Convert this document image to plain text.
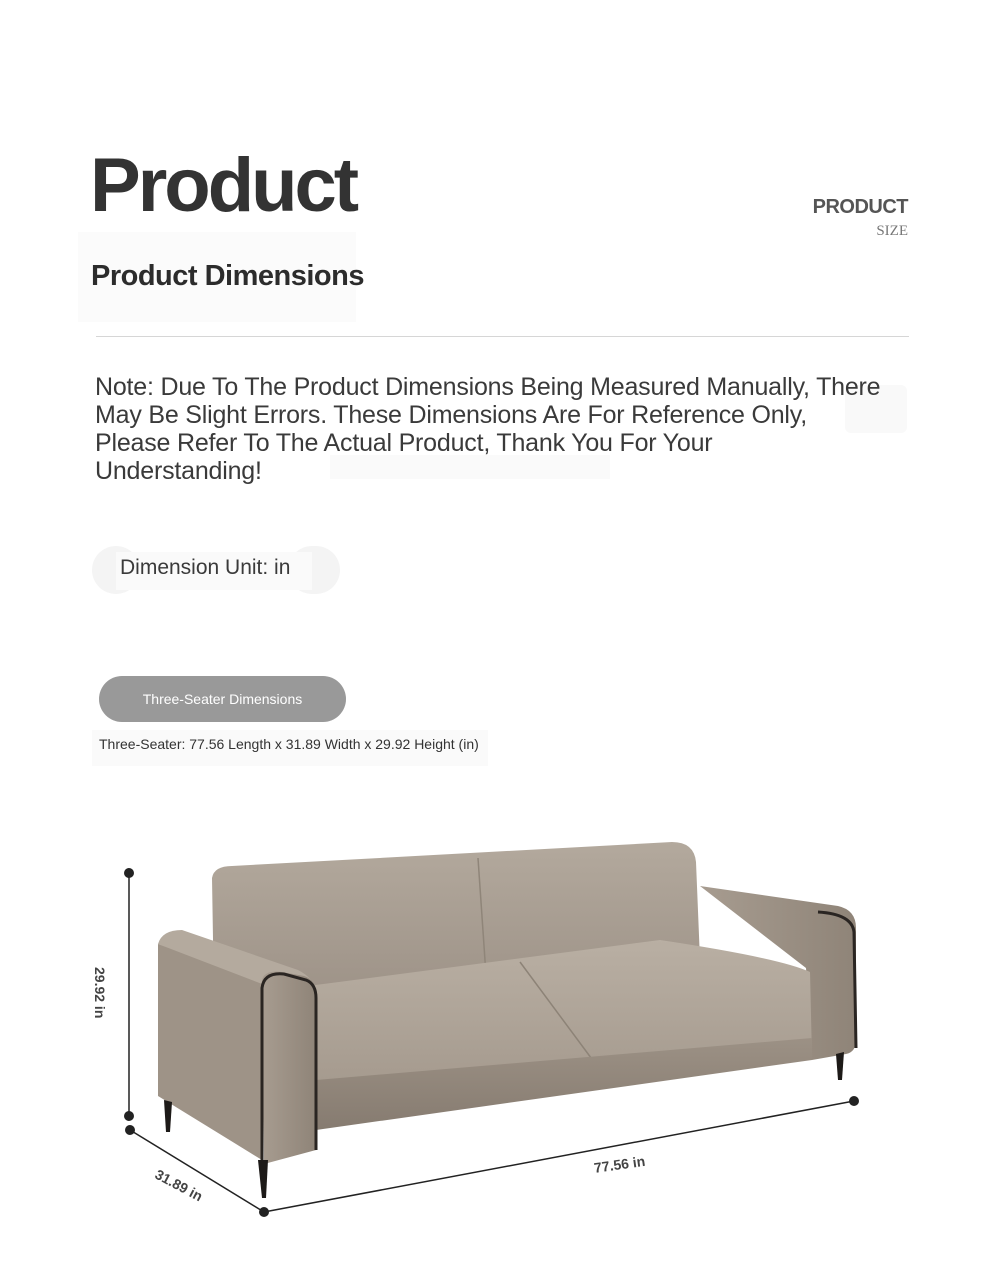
Product
Product Dimensions
PRODUCT
SIZE
Note: Due To The Product Dimensions Being Measured Manually, There May Be Slight Errors. These Dimensions Are For Reference Only, Please Refer To The Actual Product, Thank You For Your Understanding!
Dimension Unit: in
Three-Seater Dimensions
Three-Seater: 77.56 Length x 31.89 Width x 29.92 Height (in)
29.92 in
31.89 in
77.56 in
